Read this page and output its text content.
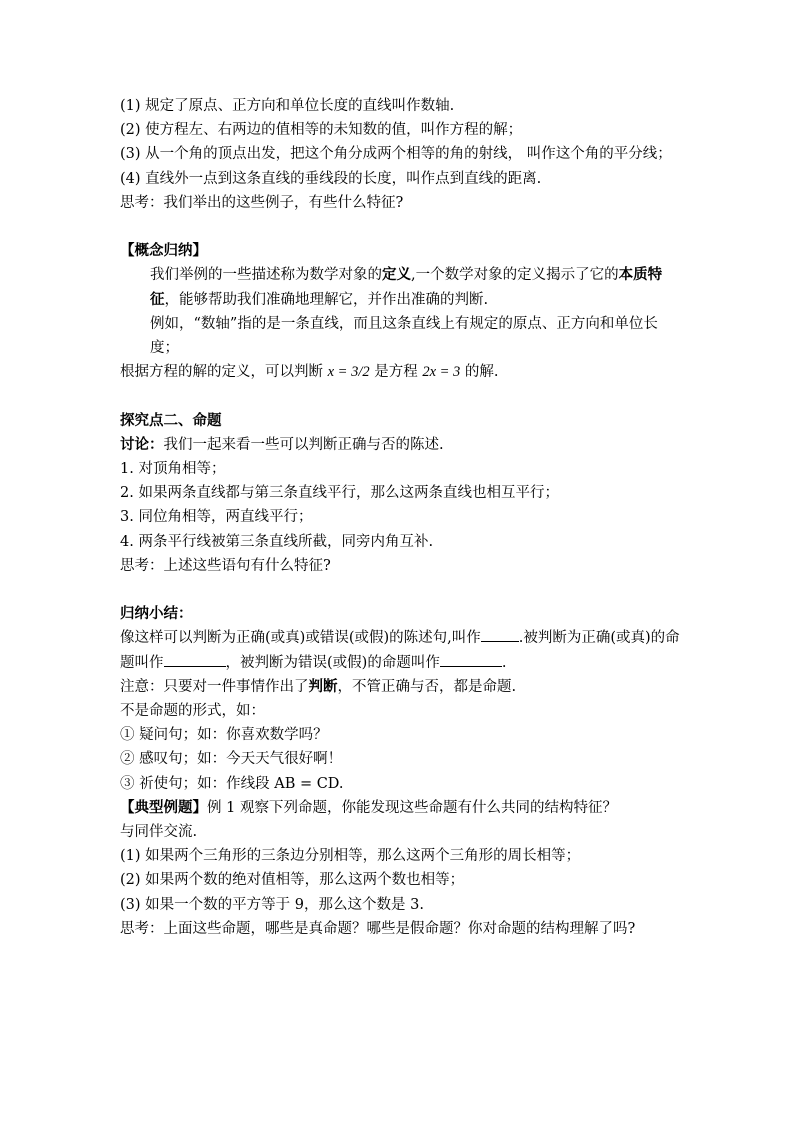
(1) 规定了原点、正方向和单位长度的直线叫作数轴.
(2) 使方程左、右两边的值相等的未知数的值，叫作方程的解；
(3) 从一个角的顶点出发，把这个角分成两个相等的角的射线， 叫作这个角的平分线；
(4) 直线外一点到这条直线的垂线段的长度，叫作点到直线的距离.
思考：我们举出的这些例子，有些什么特征?
【概念归纳】
我们举例的一些描述称为数学对象的定义,一个数学对象的定义揭示了它的本质特征，能够帮助我们准确地理解它，并作出准确的判断.
例如，“数轴”指的是一条直线，而且这条直线上有规定的原点、正方向和单位长度；
根据方程的解的定义，可以判断 x = 3/2 是方程 2x = 3 的解.
探究点二、命题
讨论：我们一起来看一些可以判断正确与否的陈述.
1. 对顶角相等；
2. 如果两条直线都与第三条直线平行，那么这两条直线也相互平行；
3. 同位角相等，两直线平行；
4. 两条平行线被第三条直线所截，同旁内角互补.
思考：上述这些语句有什么特征?
归纳小结：
像这样可以判断为正确(或真)或错误(或假)的陈述句,叫作	.被判断为正确(或真)的命题叫作	，被判断为错误(或假)的命题叫作	.
注意：只要对一件事情作出了判断，不管正确与否，都是命题.
不是命题的形式，如：
① 疑问句；如：你喜欢数学吗？
② 感叹句；如：今天天气很好啊！
③ 祈使句；如：作线段 AB = CD.
【典型例题】例 1 观察下列命题，你能发现这些命题有什么共同的结构特征？
与同伴交流.
(1) 如果两个三角形的三条边分别相等，那么这两个三角形的周长相等；
(2) 如果两个数的绝对值相等，那么这两个数也相等；
(3) 如果一个数的平方等于 9，那么这个数是 3.
思考：上面这些命题，哪些是真命题？哪些是假命题？你对命题的结构理解了吗?
